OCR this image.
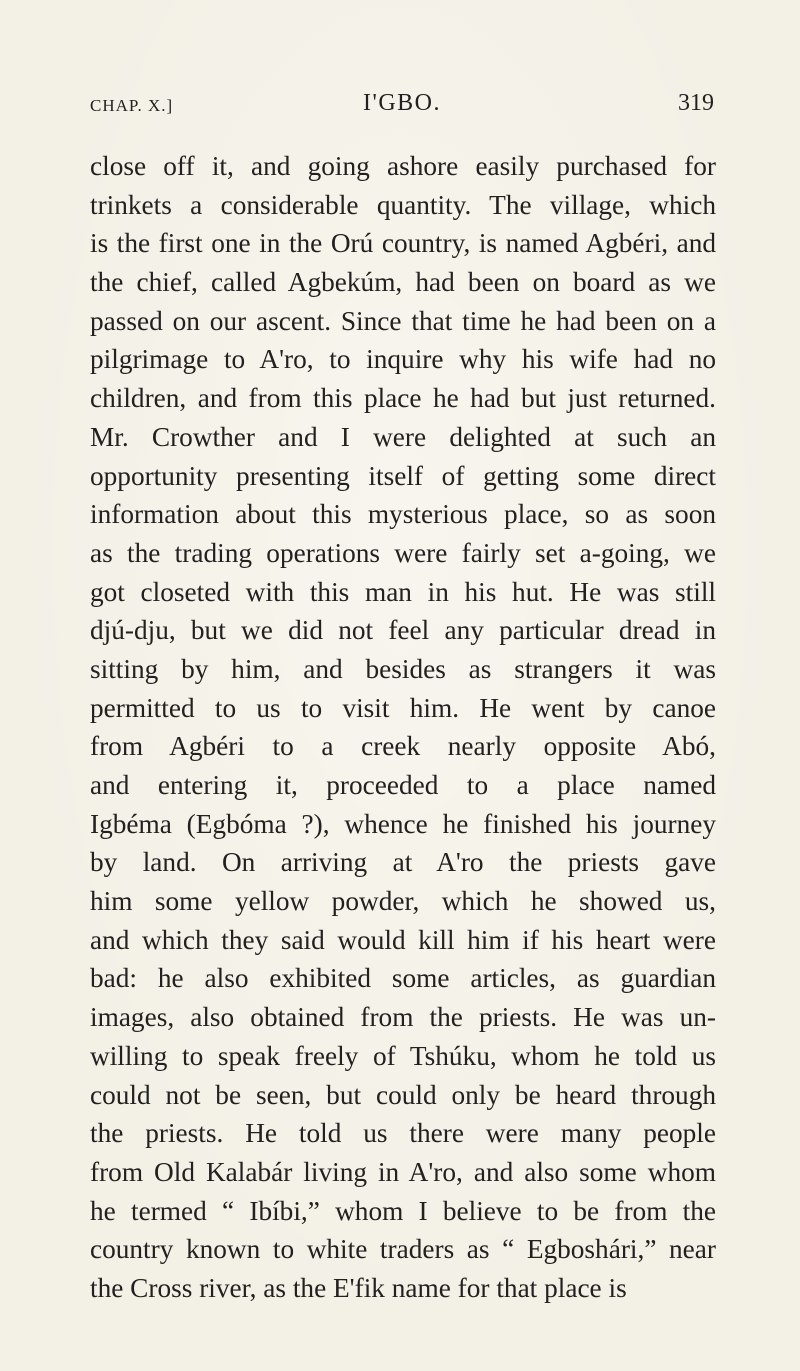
CHAP. X.]	I'GBO.	319
close off it, and going ashore easily purchased for
trinkets a considerable quantity. The village, which
is the first one in the Orú country, is named Agbéri, and
the chief, called Agbekúm, had been on board as we
passed on our ascent. Since that time he had been on a
pilgrimage to A'ro, to inquire why his wife had no
children, and from this place he had but just returned.
Mr. Crowther and I were delighted at such an
opportunity presenting itself of getting some direct
information about this mysterious place, so as soon
as the trading operations were fairly set a-going, we
got closeted with this man in his hut. He was still
djú-dju, but we did not feel any particular dread in
sitting by him, and besides as strangers it was
permitted to us to visit him. He went by canoe
from Agbéri to a creek nearly opposite Abó,
and entering it, proceeded to a place named
Igbéma (Egbóma ?), whence he finished his journey
by land. On arriving at A'ro the priests gave
him some yellow powder, which he showed us,
and which they said would kill him if his heart were
bad: he also exhibited some articles, as guardian
images, also obtained from the priests. He was un-
willing to speak freely of Tshúku, whom he told us
could not be seen, but could only be heard through
the priests. He told us there were many people
from Old Kalabár living in A'ro, and also some whom
he termed “ Ibíbi,” whom I believe to be from the
country known to white traders as “ Egboshári,” near
the Cross river, as the E'fik name for that place is
